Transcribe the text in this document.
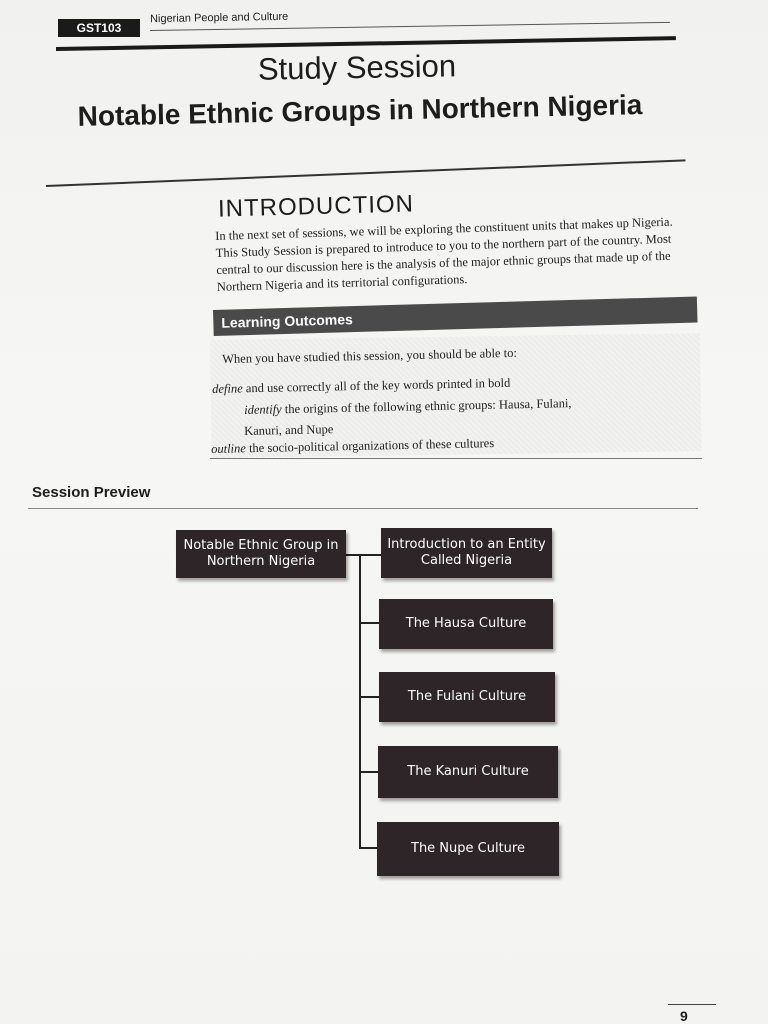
GST103
Nigerian People and Culture
Study Session
Notable Ethnic Groups in Northern Nigeria
INTRODUCTION
In the next set of sessions, we will be exploring the constituent units that makes up Nigeria. This Study Session is prepared to introduce to you to the northern part of the country. Most central to our discussion here is the analysis of the major ethnic groups that made up of the Northern Nigeria and its territorial configurations.
Learning Outcomes
When you have studied this session, you should be able to:
define and use correctly all of the key words printed in bold
identify the origins of the following ethnic groups: Hausa, Fulani,
Kanuri, and Nupe
outline the socio-political organizations of these cultures
Session Preview
Notable Ethnic Group in Northern Nigeria
Introduction to an Entity Called Nigeria
The Hausa Culture
The Fulani Culture
The Kanuri Culture
The Nupe Culture
9
